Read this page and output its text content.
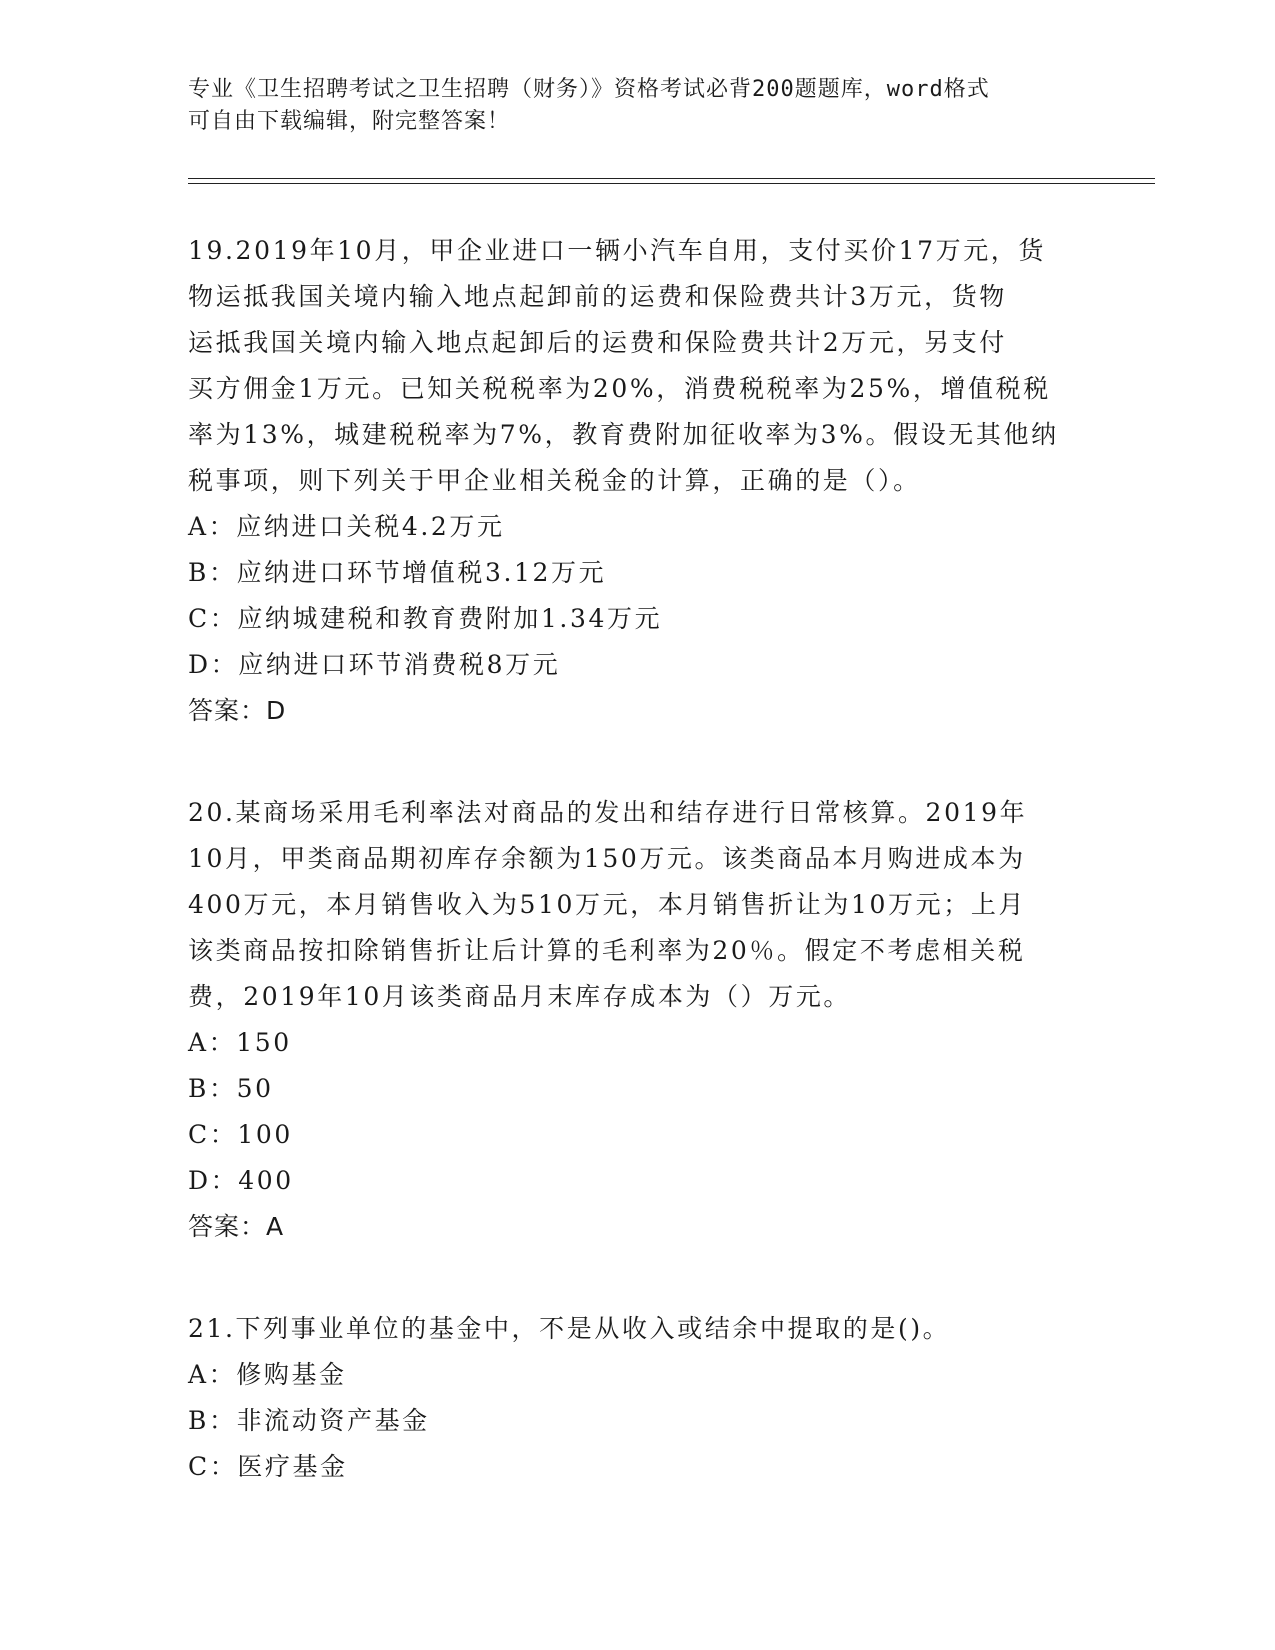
专业《卫生招聘考试之卫生招聘（财务）》资格考试必背200题题库，word格式
可自由下载编辑，附完整答案！
19.2019年10月，甲企业进口一辆小汽车自用，支付买价17万元，货
物运抵我国关境内输入地点起卸前的运费和保险费共计3万元，货物
运抵我国关境内输入地点起卸后的运费和保险费共计2万元，另支付
买方佣金1万元。已知关税税率为20%，消费税税率为25%，增值税税
率为13%，城建税税率为7%，教育费附加征收率为3%。假设无其他纳
税事项，则下列关于甲企业相关税金的计算，正确的是（）。
A：应纳进口关税4.2万元
B：应纳进口环节增值税3.12万元
C：应纳城建税和教育费附加1.34万元
D：应纳进口环节消费税8万元
答案：D
20.某商场采用毛利率法对商品的发出和结存进行日常核算。2019年
10月，甲类商品期初库存余额为150万元。该类商品本月购进成本为
400万元，本月销售收入为510万元，本月销售折让为10万元；上月
该类商品按扣除销售折让后计算的毛利率为20％。假定不考虑相关税
费，2019年10月该类商品月末库存成本为（）万元。
A：150
B：50
C：100
D：400
答案：A
21.下列事业单位的基金中，不是从收入或结余中提取的是()。
A：修购基金
B：非流动资产基金
C：医疗基金
